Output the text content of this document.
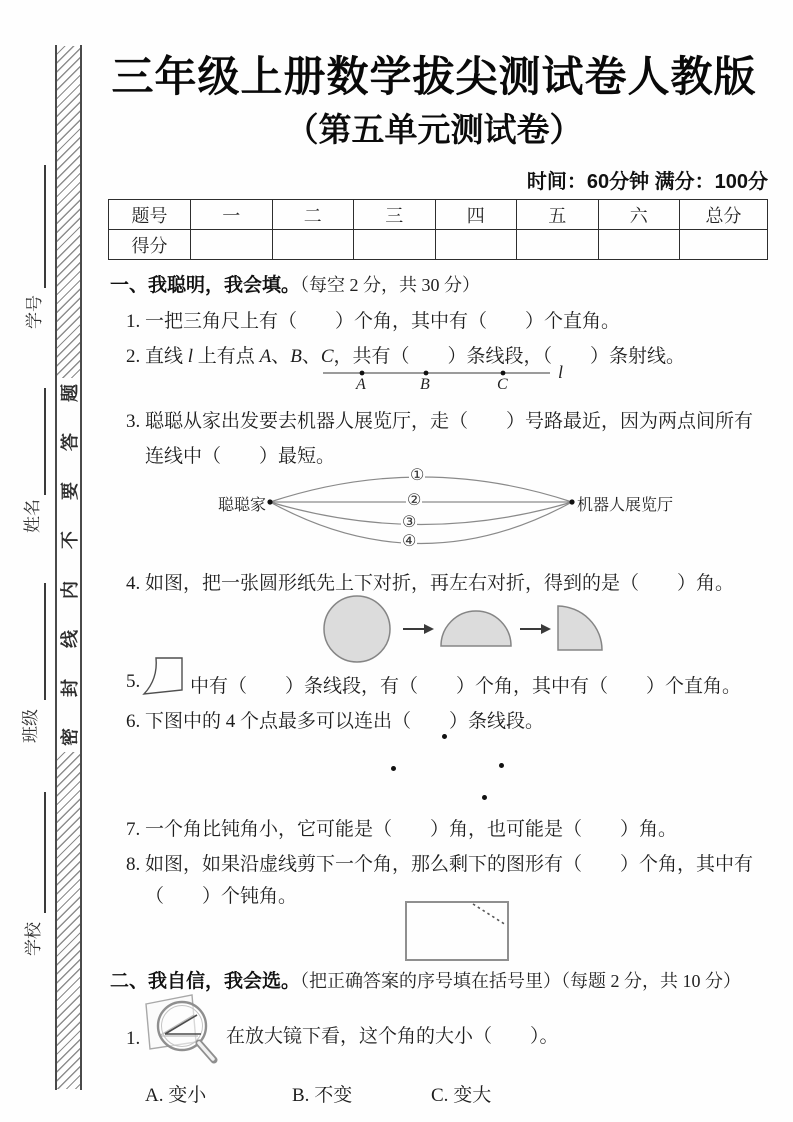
题
答
要
不
内
线
封
密
学号
姓名
班级
学校
三年级上册数学拔尖测试卷人教版
（第五单元测试卷）
时间：60分钟 满分：100分
题号	一	二	三	四	五	六	总分
得分							
一、我聪明，我会填。（每空 2 分，共 30 分）
1. 一把三角尺上有（　　）个角，其中有（　　）个直角。
2. 直线 l 上有点 A、B、C，共有（　　）条线段，（　　）条射线。
A	B	C
l
3. 聪聪从家出发要去机器人展览厅，走（　　）号路最近，因为两点间所有
连线中（　　）最短。
聪聪家	机器人展览厅
①
②
③
④
4. 如图，把一张圆形纸先上下对折，再左右对折，得到的是（　　）角。
5.	中有（　　）条线段，有（　　）个角，其中有（　　）个直角。
6. 下图中的 4 个点最多可以连出（　　）条线段。
7. 一个角比钝角小，它可能是（　　）角，也可能是（　　）角。
8. 如图，如果沿虚线剪下一个角，那么剩下的图形有（　　）个角，其中有
（　　）个钝角。
二、我自信，我会选。（把正确答案的序号填在括号里）（每题 2 分，共 10 分）
1.	在放大镜下看，这个角的大小（　　）。
A. 变小	B. 不变	C. 变大
